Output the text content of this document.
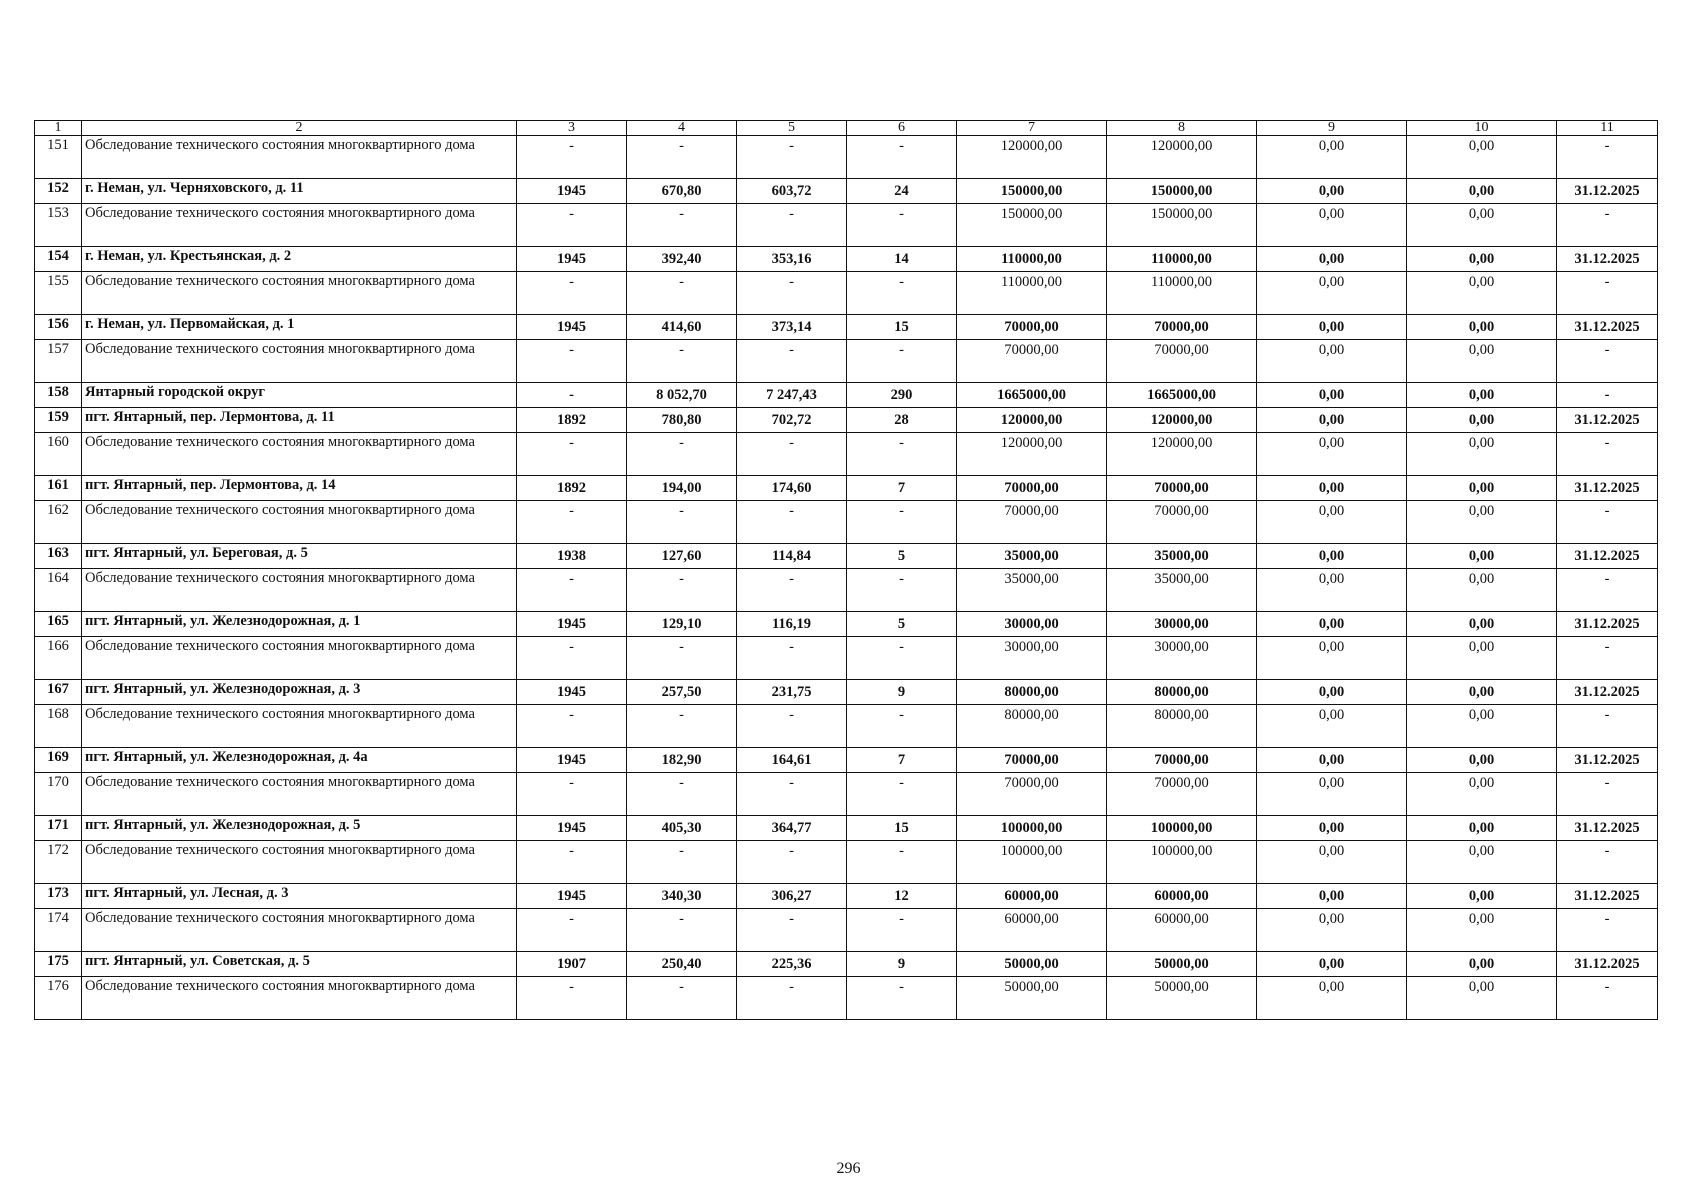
1	2	3	4	5	6	7	8	9	10	11
151	Обследование технического состояния многоквартирного дома	-	-	-	-	120000,00	120000,00	0,00	0,00	-
152	г. Неман, ул. Черняховского, д. 11	1945	670,80	603,72	24	150000,00	150000,00	0,00	0,00	31.12.2025
153	Обследование технического состояния многоквартирного дома	-	-	-	-	150000,00	150000,00	0,00	0,00	-
154	г. Неман, ул. Крестьянская, д. 2	1945	392,40	353,16	14	110000,00	110000,00	0,00	0,00	31.12.2025
155	Обследование технического состояния многоквартирного дома	-	-	-	-	110000,00	110000,00	0,00	0,00	-
156	г. Неман, ул. Первомайская, д. 1	1945	414,60	373,14	15	70000,00	70000,00	0,00	0,00	31.12.2025
157	Обследование технического состояния многоквартирного дома	-	-	-	-	70000,00	70000,00	0,00	0,00	-
158	Янтарный городской округ	-	8 052,70	7 247,43	290	1665000,00	1665000,00	0,00	0,00	-
159	пгт. Янтарный, пер. Лермонтова, д. 11	1892	780,80	702,72	28	120000,00	120000,00	0,00	0,00	31.12.2025
160	Обследование технического состояния многоквартирного дома	-	-	-	-	120000,00	120000,00	0,00	0,00	-
161	пгт. Янтарный, пер. Лермонтова, д. 14	1892	194,00	174,60	7	70000,00	70000,00	0,00	0,00	31.12.2025
162	Обследование технического состояния многоквартирного дома	-	-	-	-	70000,00	70000,00	0,00	0,00	-
163	пгт. Янтарный, ул. Береговая, д. 5	1938	127,60	114,84	5	35000,00	35000,00	0,00	0,00	31.12.2025
164	Обследование технического состояния многоквартирного дома	-	-	-	-	35000,00	35000,00	0,00	0,00	-
165	пгт. Янтарный, ул. Железнодорожная, д. 1	1945	129,10	116,19	5	30000,00	30000,00	0,00	0,00	31.12.2025
166	Обследование технического состояния многоквартирного дома	-	-	-	-	30000,00	30000,00	0,00	0,00	-
167	пгт. Янтарный, ул. Железнодорожная, д. 3	1945	257,50	231,75	9	80000,00	80000,00	0,00	0,00	31.12.2025
168	Обследование технического состояния многоквартирного дома	-	-	-	-	80000,00	80000,00	0,00	0,00	-
169	пгт. Янтарный, ул. Железнодорожная, д. 4а	1945	182,90	164,61	7	70000,00	70000,00	0,00	0,00	31.12.2025
170	Обследование технического состояния многоквартирного дома	-	-	-	-	70000,00	70000,00	0,00	0,00	-
171	пгт. Янтарный, ул. Железнодорожная, д. 5	1945	405,30	364,77	15	100000,00	100000,00	0,00	0,00	31.12.2025
172	Обследование технического состояния многоквартирного дома	-	-	-	-	100000,00	100000,00	0,00	0,00	-
173	пгт. Янтарный, ул. Лесная, д. 3	1945	340,30	306,27	12	60000,00	60000,00	0,00	0,00	31.12.2025
174	Обследование технического состояния многоквартирного дома	-	-	-	-	60000,00	60000,00	0,00	0,00	-
175	пгт. Янтарный, ул. Советская, д. 5	1907	250,40	225,36	9	50000,00	50000,00	0,00	0,00	31.12.2025
176	Обследование технического состояния многоквартирного дома	-	-	-	-	50000,00	50000,00	0,00	0,00	-
296
